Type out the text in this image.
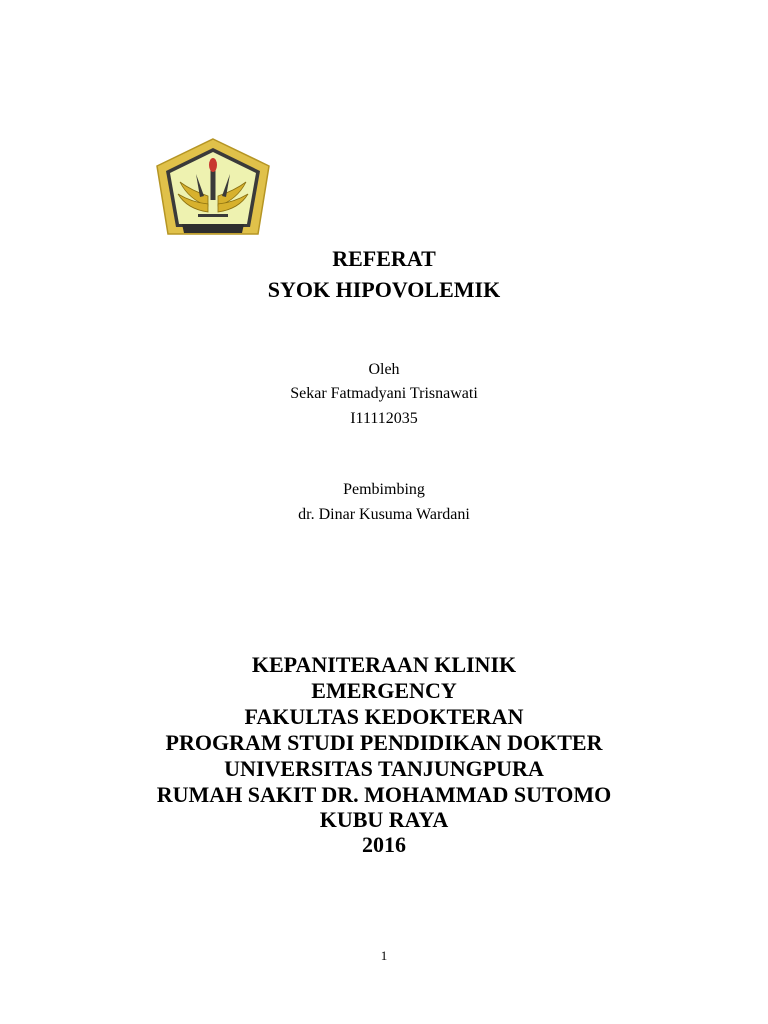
REFERAT
SYOK HIPOVOLEMIK
Oleh
Sekar Fatmadyani Trisnawati
I11112035
Pembimbing
dr. Dinar Kusuma Wardani
KEPANITERAAN KLINIK
EMERGENCY
FAKULTAS KEDOKTERAN
PROGRAM STUDI PENDIDIKAN DOKTER
UNIVERSITAS TANJUNGPURA
RUMAH SAKIT DR. MOHAMMAD SUTOMO
KUBU RAYA
2016
1
